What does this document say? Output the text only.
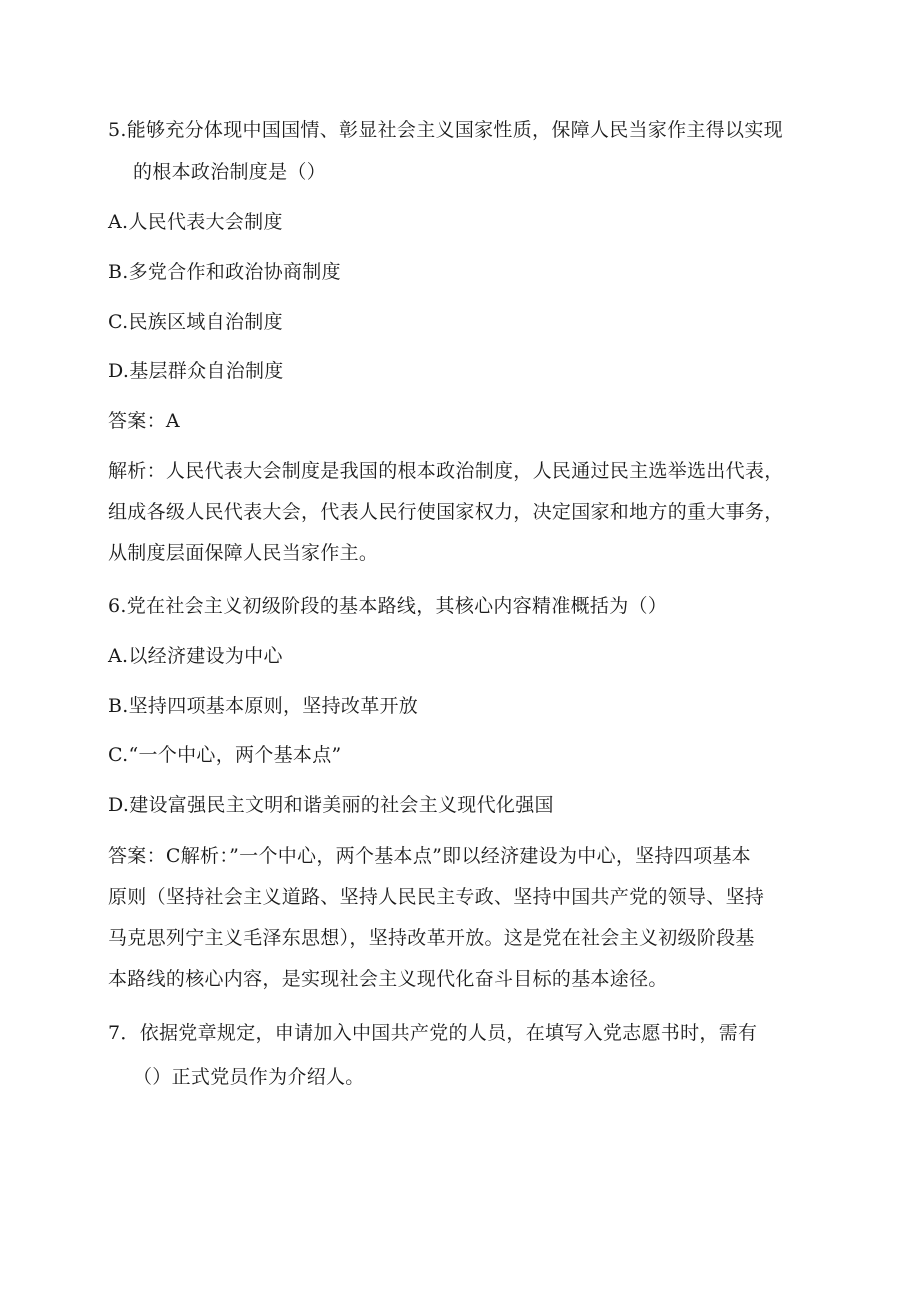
5.能够充分体现中国国情、彰显社会主义国家性质，保障人民当家作主得以实现
的根本政治制度是（）
A.人民代表大会制度
B.多党合作和政治协商制度
C.民族区域自治制度
D.基层群众自治制度
答案：A
解析：人民代表大会制度是我国的根本政治制度，人民通过民主选举选出代表，
组成各级人民代表大会，代表人民行使国家权力，决定国家和地方的重大事务，
从制度层面保障人民当家作主。
6.党在社会主义初级阶段的基本路线，其核心内容精准概括为（）
A.以经济建设为中心
B.坚持四项基本原则，坚持改革开放
C.“一个中心，两个基本点”
D.建设富强民主文明和谐美丽的社会主义现代化强国
答案：C解析：”一个中心，两个基本点”即以经济建设为中心，坚持四项基本
原则（坚持社会主义道路、坚持人民民主专政、坚持中国共产党的领导、坚持
马克思列宁主义毛泽东思想），坚持改革开放。这是党在社会主义初级阶段基
本路线的核心内容，是实现社会主义现代化奋斗目标的基本途径。
7．依据党章规定，申请加入中国共产党的人员，在填写入党志愿书时，需有
（）正式党员作为介绍人。
